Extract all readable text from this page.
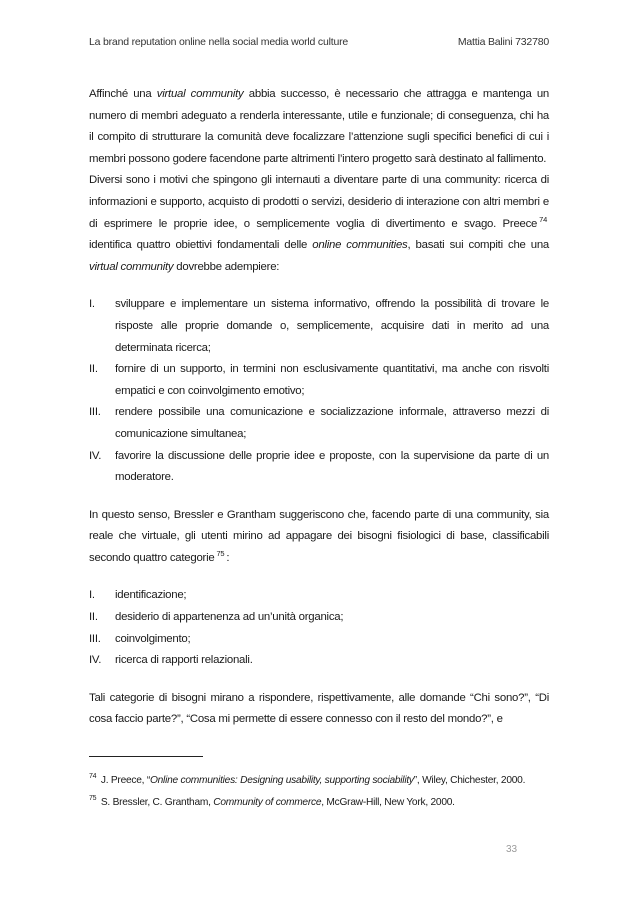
La brand reputation online nella social media world culture	Mattia Balini 732780

Affinché una virtual community abbia successo, è necessario che attragga e mantenga un numero di membri adeguato a renderla interessante, utile e funzionale; di conseguenza, chi ha il compito di strutturare la comunità deve focalizzare l’attenzione sugli specifici benefici di cui i membri possono godere facendone parte altrimenti l’intero progetto sarà destinato al fallimento.

Diversi sono i motivi che spingono gli internauti a diventare parte di una community: ricerca di informazioni e supporto, acquisto di prodotti o servizi, desiderio di interazione con altri membri e di esprimere le proprie idee, o semplicemente voglia di divertimento e svago. Preece $^{74}$ identifica quattro obiettivi fondamentali delle online communities, basati sui compiti che una virtual community dovrebbe adempiere:

I. sviluppare e implementare un sistema informativo, offrendo la possibilità di trovare le risposte alle proprie domande o, semplicemente, acquisire dati in merito ad una determinata ricerca;
II. fornire di un supporto, in termini non esclusivamente quantitativi, ma anche con risvolti empatici e con coinvolgimento emotivo;
III. rendere possibile una comunicazione e socializzazione informale, attraverso mezzi di comunicazione simultanea;
IV. favorire la discussione delle proprie idee e proposte, con la supervisione da parte di un moderatore.

In questo senso, Bressler e Grantham suggeriscono che, facendo parte di una community, sia reale che virtuale, gli utenti mirino ad appagare dei bisogni fisiologici di base, classificabili secondo quattro categorie $^{75}$ :

I. identificazione;
II. desiderio di appartenenza ad un’unità organica;
III. coinvolgimento;
IV. ricerca di rapporti relazionali.

Tali categorie di bisogni mirano a rispondere, rispettivamente, alle domande “Chi sono?”, “Di cosa faccio parte?”, “Cosa mi permette di essere connesso con il resto del mondo?”, e

$^{74}$ J. Preece, “Online communities: Designing usability, supporting sociability”, Wiley, Chichester, 2000.
$^{75}$ S. Bressler, C. Grantham, Community of commerce, McGraw-Hill, New York, 2000.
33
